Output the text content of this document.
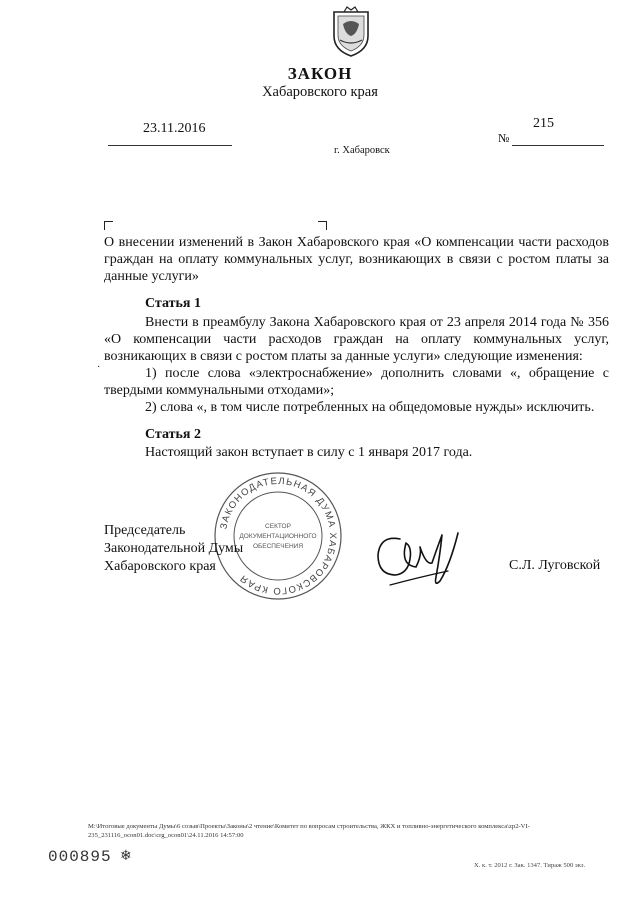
ЗАКОН
Хабаровского края
23.11.2016	215
№
г. Хабаровск
О внесении изменений в Закон Хабаровского края «О компенсации части расходов граждан на оплату коммунальных услуг, возникающих в связи с ростом платы за данные услуги»
Статья 1
Внести в преамбулу Закона Хабаровского края от 23 апреля 2014 года № 356 «О компенсации части расходов граждан на оплату коммунальных услуг, возникающих в связи с ростом платы за данные услуги» следующие изменения:
·	1) после слова «электроснабжение» дополнить словами «, обращение с твердыми коммунальными отходами»;
2) слова «, в том числе потребленных на общедомовые нужды» исключить.
Статья 2
Настоящий закон вступает в силу с 1 января 2017 года.
ЗАКОНОДАТЕЛЬНАЯ ДУМА ХАБАРОВСКОГО КРАЯ
СЕКТОР
ДОКУМЕНТАЦИОННОГО
ОБЕСПЕЧЕНИЯ
Председатель
Законодательной Думы
Хабаровского края	С.Л. Луговской
М:\Итоговые документы Думы\6 созыв\Проекты\Законы\2 чтение\Комитет по вопросам строительства, ЖКХ и топливно-энергетического комплекса\zp2-VI-235_231116_ocon01.doc\crg_ocon01\24.11.2016 14:57:00
000895 ❄
Х. к. т. 2012 г. Зак. 1347. Тираж 500 экз.
